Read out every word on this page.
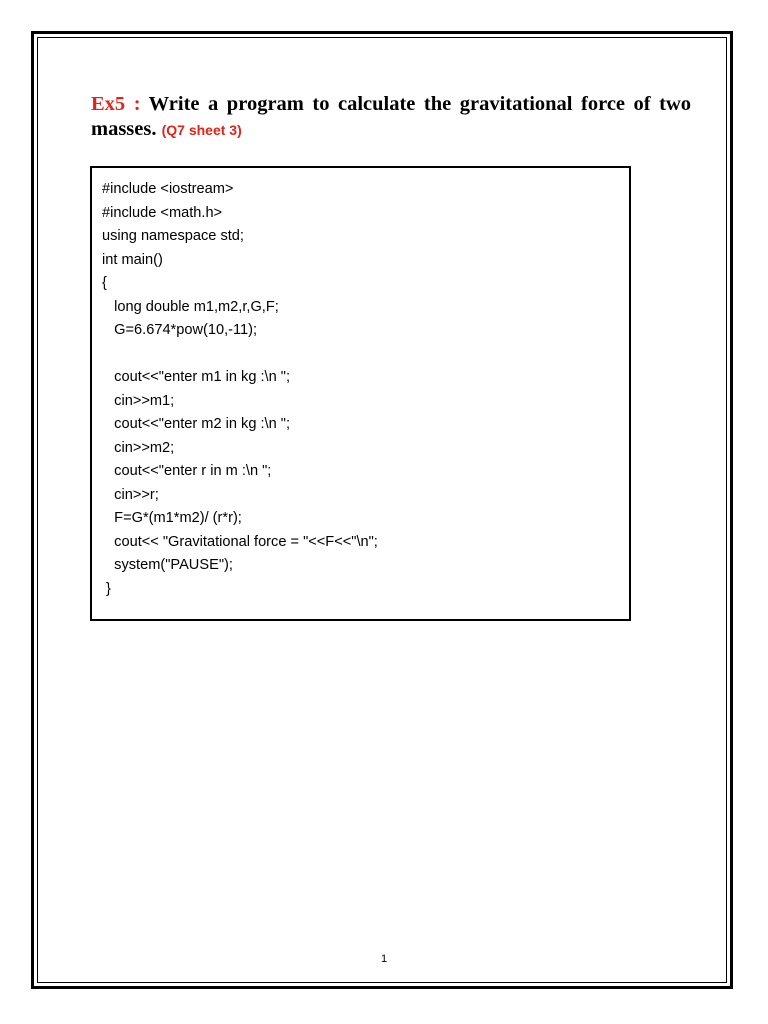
Ex5 : Write a program to calculate the gravitational force of two masses. (Q7 sheet 3)
#include <iostream>
#include <math.h>
using namespace std;
int main()
{
long double m1,m2,r,G,F;
G=6.674*pow(10,-11);
cout<<"enter m1 in kg :\n ";
cin>>m1;
cout<<"enter m2 in kg :\n ";
cin>>m2;
cout<<"enter r in m :\n ";
cin>>r;
F=G*(m1*m2)/ (r*r);
cout<< "Gravitational force = "<<F<<"\n";
system("PAUSE");
}
1
